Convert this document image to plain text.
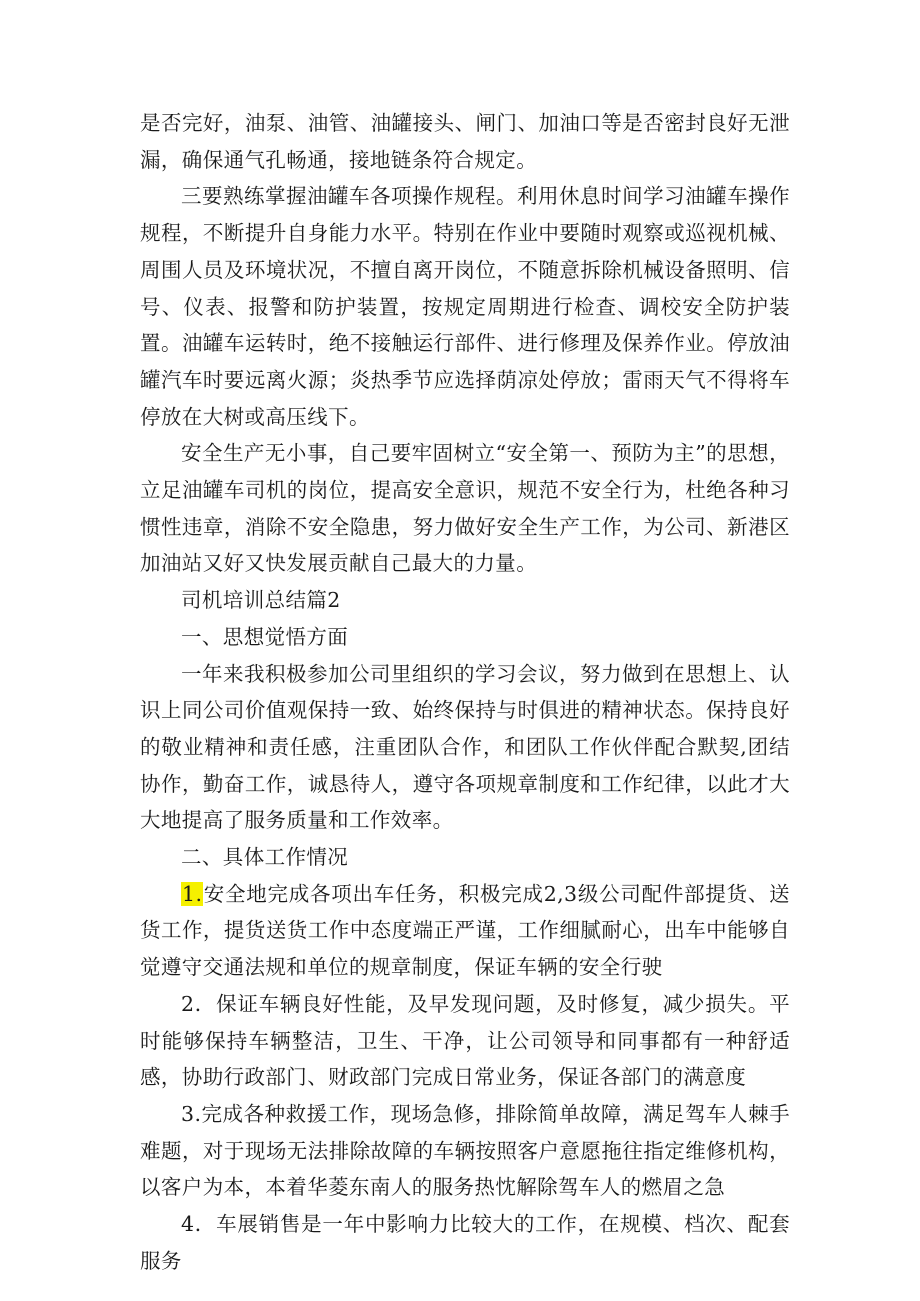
是否完好，油泵、油管、油罐接头、闸门、加油口等是否密封良好无泄漏，确保通气孔畅通，接地链条符合规定。

三要熟练掌握油罐车各项操作规程。利用休息时间学习油罐车操作规程，不断提升自身能力水平。特别在作业中要随时观察或巡视机械、周围人员及环境状况，不擅自离开岗位，不随意拆除机械设备照明、信号、仪表、报警和防护装置，按规定周期进行检查、调校安全防护装置。油罐车运转时，绝不接触运行部件、进行修理及保养作业。停放油罐汽车时要远离火源；炎热季节应选择荫凉处停放；雷雨天气不得将车停放在大树或高压线下。

安全生产无小事，自己要牢固树立“安全第一、预防为主”的思想，立足油罐车司机的岗位，提高安全意识，规范不安全行为，杜绝各种习惯性违章，消除不安全隐患，努力做好安全生产工作，为公司、新港区加油站又好又快发展贡献自己最大的力量。

司机培训总结篇2

一、思想觉悟方面

一年来我积极参加公司里组织的学习会议，努力做到在思想上、认识上同公司价值观保持一致、始终保持与时俱进的精神状态。保持良好的敬业精神和责任感，注重团队合作，和团队工作伙伴配合默契,团结协作，勤奋工作，诚恳待人，遵守各项规章制度和工作纪律，以此才大大地提高了服务质量和工作效率。

二、具体工作情况

1.安全地完成各项出车任务，积极完成2,3级公司配件部提货、送货工作，提货送货工作中态度端正严谨，工作细腻耐心，出车中能够自觉遵守交通法规和单位的规章制度，保证车辆的安全行驶

2．保证车辆良好性能，及早发现问题，及时修复，减少损失。平时能够保持车辆整洁，卫生、干净，让公司领导和同事都有一种舒适感，协助行政部门、财政部门完成日常业务，保证各部门的满意度

3.完成各种救援工作，现场急修，排除简单故障，满足驾车人棘手难题，对于现场无法排除故障的车辆按照客户意愿拖往指定维修机构，以客户为本，本着华菱东南人的服务热忱解除驾车人的燃眉之急

4．车展销售是一年中影响力比较大的工作，在规模、档次、配套服务
